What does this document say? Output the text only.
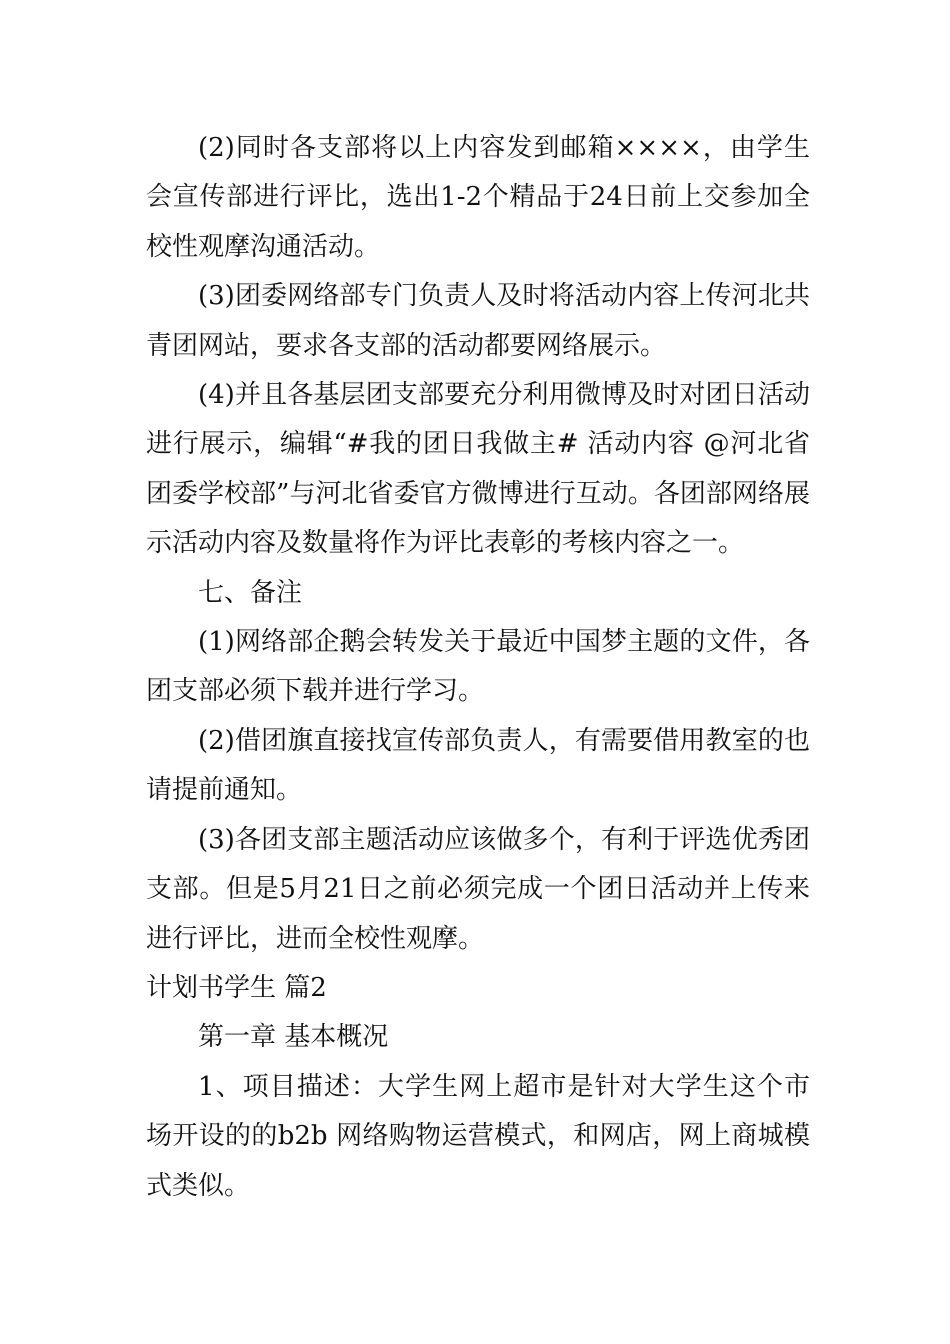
(2)同时各支部将以上内容发到邮箱××××，由学生会宣传部进行评比，选出1-2个精品于24日前上交参加全校性观摩沟通活动。

(3)团委网络部专门负责人及时将活动内容上传河北共青团网站，要求各支部的活动都要网络展示。

(4)并且各基层团支部要充分利用微博及时对团日活动进行展示，编辑“#我的团日我做主# 活动内容 @河北省团委学校部”与河北省委官方微博进行互动。各团部网络展示活动内容及数量将作为评比表彰的考核内容之一。

七、备注

(1)网络部企鹅会转发关于最近中国梦主题的文件，各团支部必须下载并进行学习。

(2)借团旗直接找宣传部负责人，有需要借用教室的也请提前通知。

(3)各团支部主题活动应该做多个，有利于评选优秀团支部。但是5月21日之前必须完成一个团日活动并上传来进行评比，进而全校性观摩。

计划书学生 篇2

第一章 基本概况

1、项目描述：大学生网上超市是针对大学生这个市场开设的的b2b 网络购物运营模式，和网店，网上商城模式类似。
